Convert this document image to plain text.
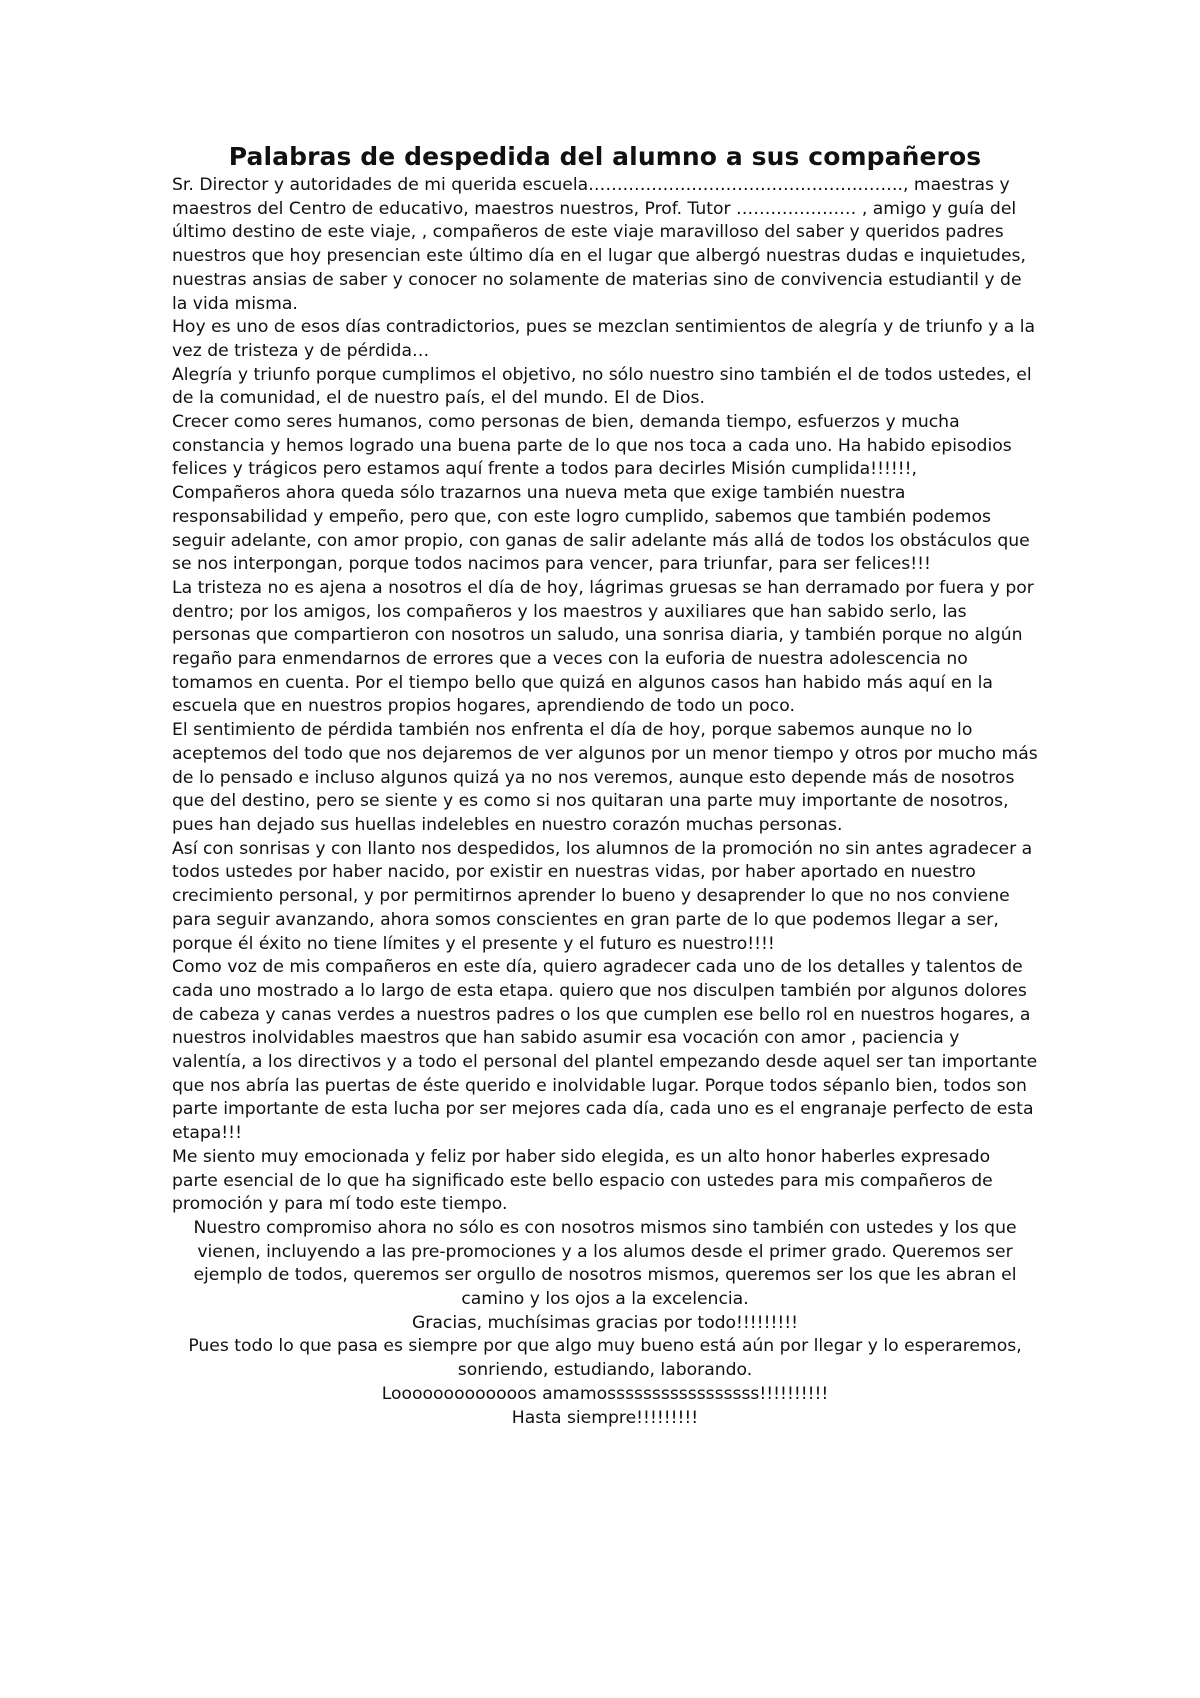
Palabras de despedida del alumno a sus compañeros

Sr. Director y autoridades de mi querida escuela………………………………………………., maestras y maestros del Centro de educativo, maestros nuestros, Prof. Tutor ………………… , amigo y guía del último destino de este viaje, , compañeros de este viaje maravilloso del saber y queridos padres nuestros que hoy presencian este último día en el lugar que albergó nuestras dudas e inquietudes, nuestras ansias de saber y conocer no solamente de materias sino de convivencia estudiantil y de la vida misma.

Hoy es uno de esos días contradictorios, pues se mezclan sentimientos de alegría y de triunfo y a la vez de tristeza y de pérdida…

Alegría y triunfo porque cumplimos el objetivo, no sólo nuestro sino también el de todos ustedes, el de la comunidad, el de nuestro país, el del mundo. El de Dios.

Crecer como seres humanos, como personas de bien, demanda tiempo, esfuerzos y mucha constancia y hemos logrado una buena parte de lo que nos toca a cada uno. Ha habido episodios felices y trágicos pero estamos aquí frente a todos para decirles Misión cumplida!!!!!!,

Compañeros ahora queda sólo trazarnos una nueva meta que exige también nuestra responsabilidad y empeño, pero que, con este logro cumplido, sabemos que también podemos seguir adelante, con amor propio, con ganas de salir adelante más allá de todos los obstáculos que se nos interpongan, porque todos nacimos para vencer, para triunfar, para ser felices!!!

La tristeza no es ajena a nosotros el día de hoy, lágrimas gruesas se han derramado por fuera y por dentro; por los amigos, los compañeros y los maestros y auxiliares que han sabido serlo, las personas que compartieron con nosotros un saludo, una sonrisa diaria, y también porque no algún regaño para enmendarnos de errores que a veces con la euforia de nuestra adolescencia no tomamos en cuenta. Por el tiempo bello que quizá en algunos casos han habido más aquí en la escuela que en nuestros propios hogares, aprendiendo de todo un poco.

El sentimiento de pérdida también nos enfrenta el día de hoy, porque sabemos aunque no lo aceptemos del todo que nos dejaremos de ver algunos por un menor tiempo y otros por mucho más de lo pensado e incluso algunos quizá ya no nos veremos, aunque esto depende más de nosotros que del destino, pero se siente y es como si nos quitaran una parte muy importante de nosotros, pues han dejado sus huellas indelebles en nuestro corazón muchas personas.

Así con sonrisas y con llanto nos despedidos, los alumnos de la promoción no sin antes agradecer a todos ustedes por haber nacido, por existir en nuestras vidas, por haber aportado en nuestro crecimiento personal, y por permitirnos aprender lo bueno y desaprender lo que no nos conviene para seguir avanzando, ahora somos conscientes en gran parte de lo que podemos llegar a ser, porque él éxito no tiene límites y el presente y el futuro es nuestro!!!!

Como voz de mis compañeros en este día, quiero agradecer cada uno de los detalles y talentos de cada uno mostrado a lo largo de esta etapa. quiero que nos disculpen también por algunos dolores de cabeza y canas verdes a nuestros padres o los que cumplen ese bello rol en nuestros hogares, a nuestros inolvidables maestros que han sabido asumir esa vocación con amor , paciencia y valentía, a los directivos y a todo el personal del plantel empezando desde aquel ser tan importante que nos abría las puertas de éste querido e inolvidable lugar. Porque todos sépanlo bien, todos son parte importante de esta lucha por ser mejores cada día, cada uno es el engranaje perfecto de esta etapa!!!

Me siento muy emocionada y feliz por haber sido elegida, es un alto honor haberles expresado parte esencial de lo que ha significado este bello espacio con ustedes para mis compañeros de promoción y para mí todo este tiempo.

Nuestro compromiso ahora no sólo es con nosotros mismos sino también con ustedes y los que vienen, incluyendo a las pre-promociones y a los alumos desde el primer grado. Queremos ser ejemplo de todos, queremos ser orgullo de nosotros mismos, queremos ser los que les abran el camino y los ojos a la excelencia.

Gracias, muchísimas gracias por todo!!!!!!!!!

Pues todo lo que pasa es siempre por que algo muy bueno está aún por llegar y lo esperaremos, sonriendo, estudiando, laborando.

Looooooooooooos amamosssssssssssssssss!!!!!!!!!!

Hasta siempre!!!!!!!!!
